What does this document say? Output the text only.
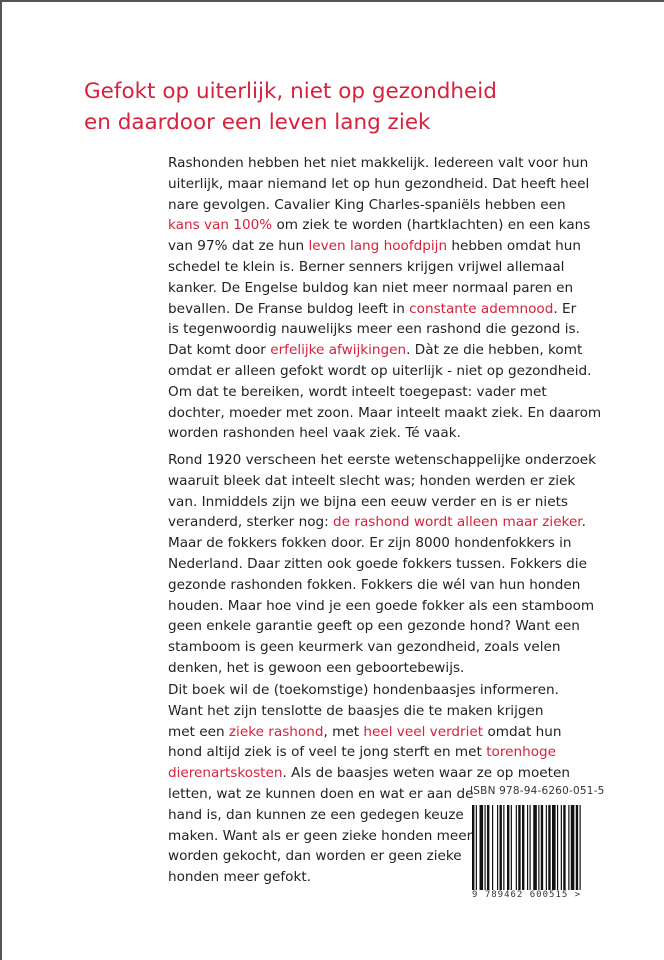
Gefokt op uiterlijk, niet op gezondheid
en daardoor een leven lang ziek
Rashonden hebben het niet makkelijk. Iedereen valt voor hun
uiterlijk, maar niemand let op hun gezondheid. Dat heeft heel
nare gevolgen. Cavalier King Charles-spaniëls hebben een
kans van 100% om ziek te worden (hartklachten) en een kans
van 97% dat ze hun leven lang hoofdpijn hebben omdat hun
schedel te klein is. Berner senners krijgen vrijwel allemaal
kanker. De Engelse buldog kan niet meer normaal paren en
bevallen. De Franse buldog leeft in constante ademnood. Er
is tegenwoordig nauwelijks meer een rashond die gezond is.
Dat komt door erfelijke afwijkingen. Dàt ze die hebben, komt
omdat er alleen gefokt wordt op uiterlijk - niet op gezondheid.
Om dat te bereiken, wordt inteelt toegepast: vader met
dochter, moeder met zoon. Maar inteelt maakt ziek. En daarom
worden rashonden heel vaak ziek. Té vaak.
Rond 1920 verscheen het eerste wetenschappelijke onderzoek
waaruit bleek dat inteelt slecht was; honden werden er ziek
van. Inmiddels zijn we bijna een eeuw verder en is er niets
veranderd, sterker nog: de rashond wordt alleen maar zieker.
Maar de fokkers fokken door. Er zijn 8000 hondenfokkers in
Nederland. Daar zitten ook goede fokkers tussen. Fokkers die
gezonde rashonden fokken. Fokkers die wél van hun honden
houden. Maar hoe vind je een goede fokker als een stamboom
geen enkele garantie geeft op een gezonde hond? Want een
stamboom is geen keurmerk van gezondheid, zoals velen
denken, het is gewoon een geboortebewijs.
Dit boek wil de (toekomstige) hondenbaasjes informeren.
Want het zijn tenslotte de baasjes die te maken krijgen
met een zieke rashond, met heel veel verdriet omdat hun
hond altijd ziek is of veel te jong sterft en met torenhoge
dierenartskosten. Als de baasjes weten waar ze op moeten
letten, wat ze kunnen doen en wat er aan de
hand is, dan kunnen ze een gedegen keuze
maken. Want als er geen zieke honden meer
worden gekocht, dan worden er geen zieke
honden meer gefokt.
ISBN 978-94-6260-051-5
9 789462 600515 >
